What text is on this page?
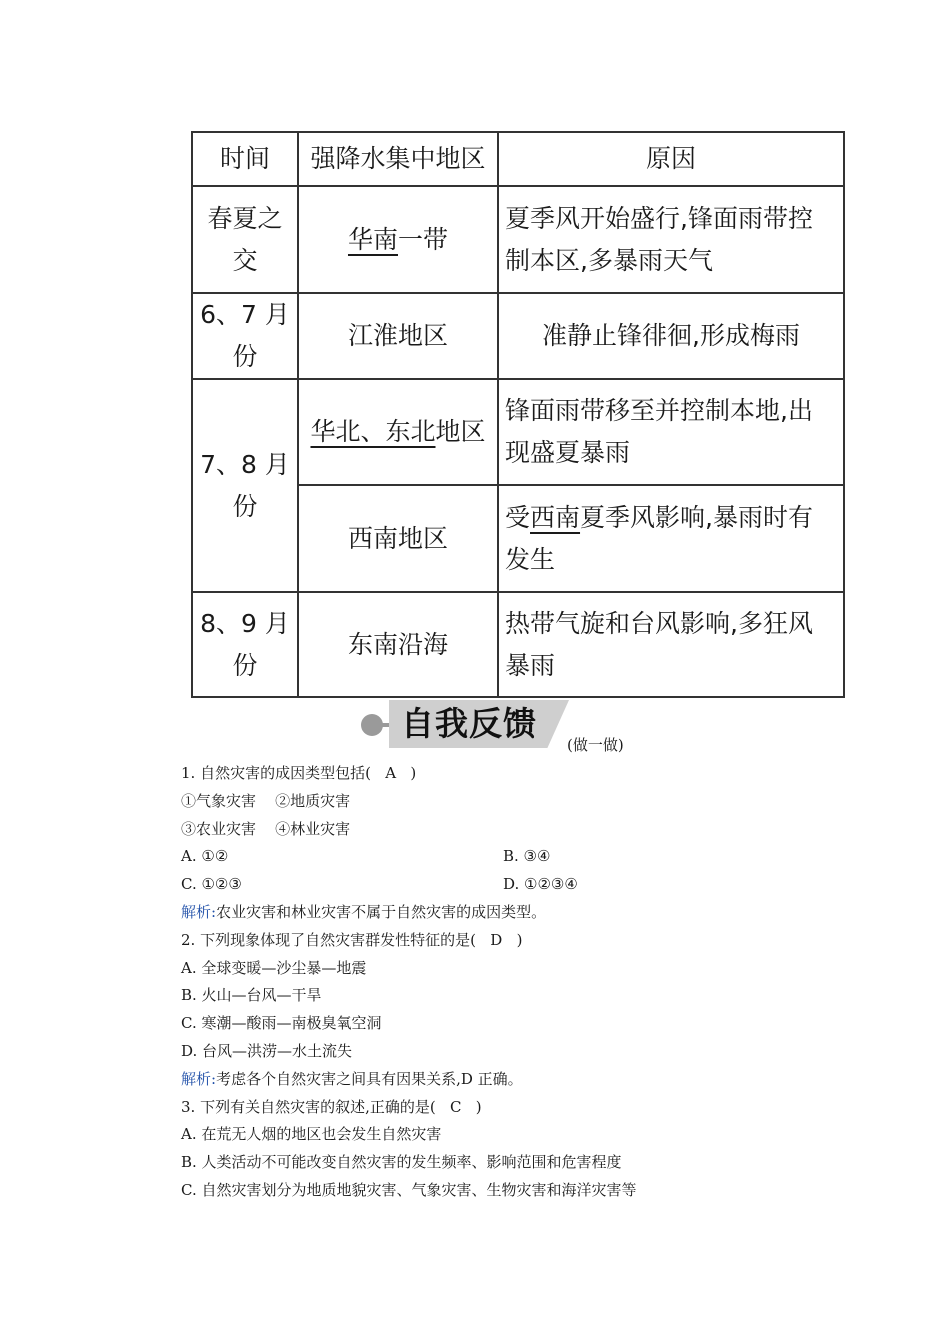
时间	强降水集中地区	原因
春夏之交	华南一带	夏季风开始盛行,锋面雨带控制本区,多暴雨天气
6、7 月份	江淮地区	准静止锋徘徊,形成梅雨
7、8 月份	华北、东北地区	锋面雨带移至并控制本地,出现盛夏暴雨
	西南地区	受西南夏季风影响,暴雨时有发生
8、9 月份	东南沿海	热带气旋和台风影响,多狂风暴雨
自我反馈
(做一做)
1. 自然灾害的成因类型包括(   A   )
①气象灾害    ②地质灾害
③农业灾害    ④林业灾害
A. ①②	B. ③④
C. ①②③	D. ①②③④
解析:农业灾害和林业灾害不属于自然灾害的成因类型。
2. 下列现象体现了自然灾害群发性特征的是(   D   )
A. 全球变暖—沙尘暴—地震
B. 火山—台风—干旱
C. 寒潮—酸雨—南极臭氧空洞
D. 台风—洪涝—水土流失
解析:考虑各个自然灾害之间具有因果关系,D 正确。
3. 下列有关自然灾害的叙述,正确的是(   C   )
A. 在荒无人烟的地区也会发生自然灾害
B. 人类活动不可能改变自然灾害的发生频率、影响范围和危害程度
C. 自然灾害划分为地质地貌灾害、气象灾害、生物灾害和海洋灾害等
